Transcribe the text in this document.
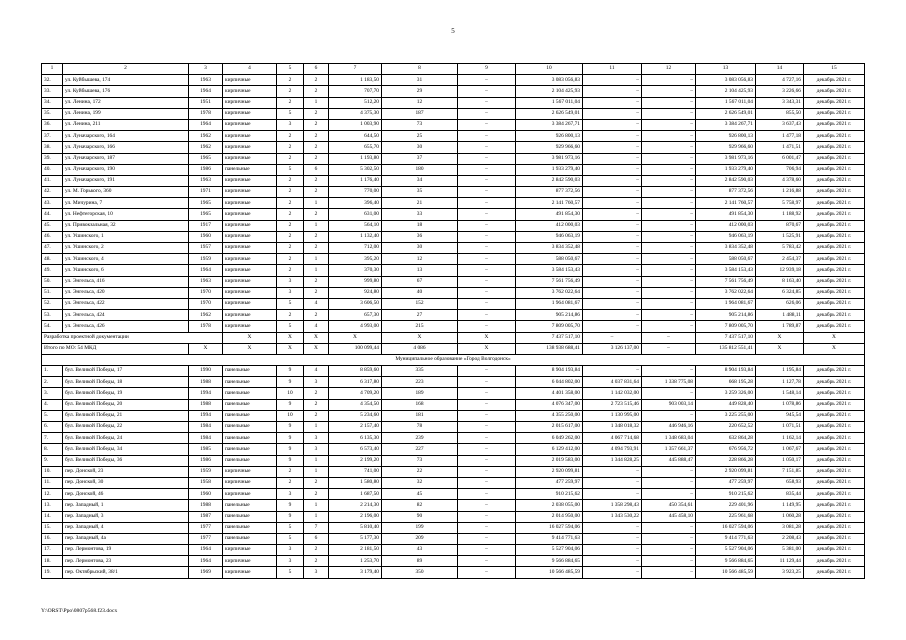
5
1	2	3	4	5	6	7	8	9	10	11	12	13	14	15
32.	ул. Куйбышева, 174	1963	кирпичные	2	2	1 183,50	31	–	3 083 056,83	–	–	3 083 056,83	4 727,16	декабрь 2021 г.
33.	ул. Куйбышева, 176	1964	кирпичные	2	2	707,70	29	–	2 104 425,93	–	–	2 104 425,93	3 226,66	декабрь 2021 г.
34.	ул. Ленина, 172	1951	кирпичные	2	1	512,20	12	–	1 567 011,04	–	–	1 567 011,04	3 343,31	декабрь 2021 г.
35.	ул. Ленина, 199	1978	кирпичные	5	2	4 375,30	187	–	2 626 549,01	–	–	2 626 549,01	855,50	декабрь 2021 г.
36.	ул. Ленина, 211	1964	кирпичные	3	2	1 003,90	73	–	3 384 267,71	–	–	3 384 267,71	3 637,43	декабрь 2021 г.
37.	ул. Луначарского, 164	1962	кирпичные	2	2	644,50	25	–	926 800,13	–	–	926 800,13	1 477,18	декабрь 2021 г.
38.	ул. Луначарского, 166	1962	кирпичные	2	2	655,70	30	–	929 966,60	–	–	929 966,60	1 471,51	декабрь 2021 г.
39.	ул. Луначарского, 187	1965	кирпичные	2	2	1 193,80	37	–	3 981 973,16	–	–	3 981 973,16	6 001,47	декабрь 2021 г.
40.	ул. Луначарского, 190	1986	панельные	5	6	5 302,50	180	–	1 933 279,40	–	–	1 933 279,40	706,94	декабрь 2021 г.
41.	ул. Луначарского, 191	1963	кирпичные	2	2	1 176,40	34	–	2 842 590,03	–	–	2 842 590,03	4 378,60	декабрь 2021 г.
42.	ул. М. Горького, 360	1971	кирпичные	2	2	770,00	35	–	877 372,56	–	–	877 372,56	1 216,88	декабрь 2021 г.
43.	ул. Мичурина, 7	1965	кирпичные	2	1	396,40	21	–	2 141 760,57	–	–	2 141 760,57	5 758,97	декабрь 2021 г.
44.	ул. Нефтегорская, 10	1965	кирпичные	2	2	631,00	33	–	491 854,30	–	–	491 854,30	1 188,92	декабрь 2021 г.
45.	ул. Привокзальная, 32	1917	кирпичные	2	1	564,10	18	–	412 000,03	–	–	412 000,03	870,67	декабрь 2021 г.
46.	ул. Ушинского, 1	1960	кирпичные	2	2	1 132,40	36	–	946 063,19	–	–	946 063,19	1 525,91	декабрь 2021 г.
47.	ул. Ушинского, 2	1957	кирпичные	2	2	712,00	30	–	3 834 352,48	–	–	3 834 352,48	5 783,42	декабрь 2021 г.
48.	ул. Ушинского, 4	1959	кирпичные	2	1	395,20	12	–	588 050,67	–	–	588 050,67	2 454,37	декабрь 2021 г.
49.	ул. Ушинского, 6	1964	кирпичные	2	1	370,30	13	–	3 584 153,43	–	–	3 584 153,43	12 939,18	декабрь 2021 г.
50.	ул. Энгельса, 416	1963	кирпичные	3	2	999,80	67	–	7 561 756,49	–	–	7 561 756,49	8 163,40	декабрь 2021 г.
51.	ул. Энгельса, 420	1970	кирпичные	3	2	924,80	40	–	3 762 022,64	–	–	3 762 022,64	6 324,85	декабрь 2021 г.
52.	ул. Энгельса, 422	1970	кирпичные	5	4	3 606,50	152	–	1 964 081,67	–	–	1 964 081,67	626,06	декабрь 2021 г.
53.	ул. Энгельса, 424	1962	кирпичные	2	2	657,30	27	–	905 214,86	–	–	905 214,86	1 488,11	декабрь 2021 г.
54.	ул. Энгельса, 426	1978	кирпичные	5	4	4 993,00	215	–	7 809 005,70	–	–	7 809 005,70	1 789,87	декабрь 2021 г.
Разработка проектной документации			X	X	X	X	X	X	7 437 517,10	–	–	7 437 517,10	X	X
Итого по МО: 54 МКД		X	X	X	X	100 099,44	4 086	X	138 938 688,41	3 126 137,00	–	135 812 551,41	X	X
Муниципальное образование «Город Волгодонск»														
1.	бул. Великой Победы, 17	1990	панельные	9	4	8 859,60	335	–	8 904 193,84	–	–	8 904 193,84	1 195,84	декабрь 2021 г.
2.	бул. Великой Победы, 18	1988	панельные	9	3	6 317,80	223	–	6 044 802,00	4 037 831,64	1 338 775,08	668 195,28	1 127,78	декабрь 2021 г.
3.	бул. Великой Победы, 19	1994	панельные	10	2	4 709,20	189	–	4 401 358,00	1 142 032,00	–	3 259 326,00	1 548,14	декабрь 2021 г.
4.	бул. Великой Победы, 20	1988	панельные	9	2	4 354,50	168	–	4 076 347,00	2 723 515,46	903 003,14	449 828,40	1 078,86	декабрь 2021 г.
5.	бул. Великой Победы, 21	1994	панельные	10	2	5 234,60	181	–	4 355 250,00	1 130 995,00	–	3 225 255,00	945,54	декабрь 2021 г.
6.	бул. Великой Победы, 22	1984	панельные	9	1	2 157,40	78	–	2 015 617,00	1 348 018,32	446 946,16	220 652,52	1 071,51	декабрь 2021 г.
7.	бул. Великой Победы, 24	1984	панельные	9	3	6 135,30	239	–	6 049 262,00	4 067 714,68	1 348 683,04	632 864,28	1 162,14	декабрь 2021 г.
8.	бул. Великой Победы, 34	1985	панельные	9	3	6 573,40	227	–	6 129 412,00	4 094 793,91	1 357 661,37	676 956,72	1 067,67	декабрь 2021 г.
9.	бул. Великой Победы, 36	1986	панельные	9	1	2 199,20	73	–	2 019 583,00	1 344 828,25	445 888,47	228 866,28	1 050,17	декабрь 2021 г.
10.	пер. Донской, 23	1959	кирпичные	2	1	741,00	22	–	2 920 099,81	–	–	2 920 099,81	7 151,85	декабрь 2021 г.
11.	пер. Донской, 30	1958	кирпичные	2	2	1 580,80	32	–	477 259,97	–	–	477 259,97	658,93	декабрь 2021 г.
12.	пер. Донской, 46	1960	кирпичные	3	2	1 687,50	45	–	910 215,62	–	–	910 215,62	835,44	декабрь 2021 г.
13.	пер. Западный, 1	1988	панельные	9	1	2 214,30	82	–	2 038 055,00	1 358 298,43	450 354,61	229 401,96	1 149,95	декабрь 2021 г.
14.	пер. Западный, 3	1987	панельные	9	1	2 196,00	90	–	2 014 950,00	1 343 530,22	445 458,10	225 961,68	1 060,28	декабрь 2021 г.
15.	пер. Западный, 4	1977	панельные	5	7	5 810,40	199	–	16 027 594,06	–	–	16 027 594,06	3 081,28	декабрь 2021 г.
16.	пер. Западный, 4а	1977	панельные	5	6	5 177,30	209	–	9 414 771,63	–	–	9 414 771,63	2 208,43	декабрь 2021 г.
17.	пер. Лермонтова, 19	1964	кирпичные	3	2	2 181,50	43	–	5 527 904,06	–	–	5 527 904,06	5 381,00	декабрь 2021 г.
18.	пер. Лермонтова, 23	1964	кирпичные	3	2	1 253,70	89	–	9 566 884,65	–	–	9 566 884,65	11 129,44	декабрь 2021 г.
19.	пер. Октябрьский, 38/1	1969	кирпичные	5	3	3 179,40	350	–	10 566 485,59	–	–	10 566 485,59	3 923,25	декабрь 2021 г.
Y:\ORST\Ppo\0807p568.f23.docx
